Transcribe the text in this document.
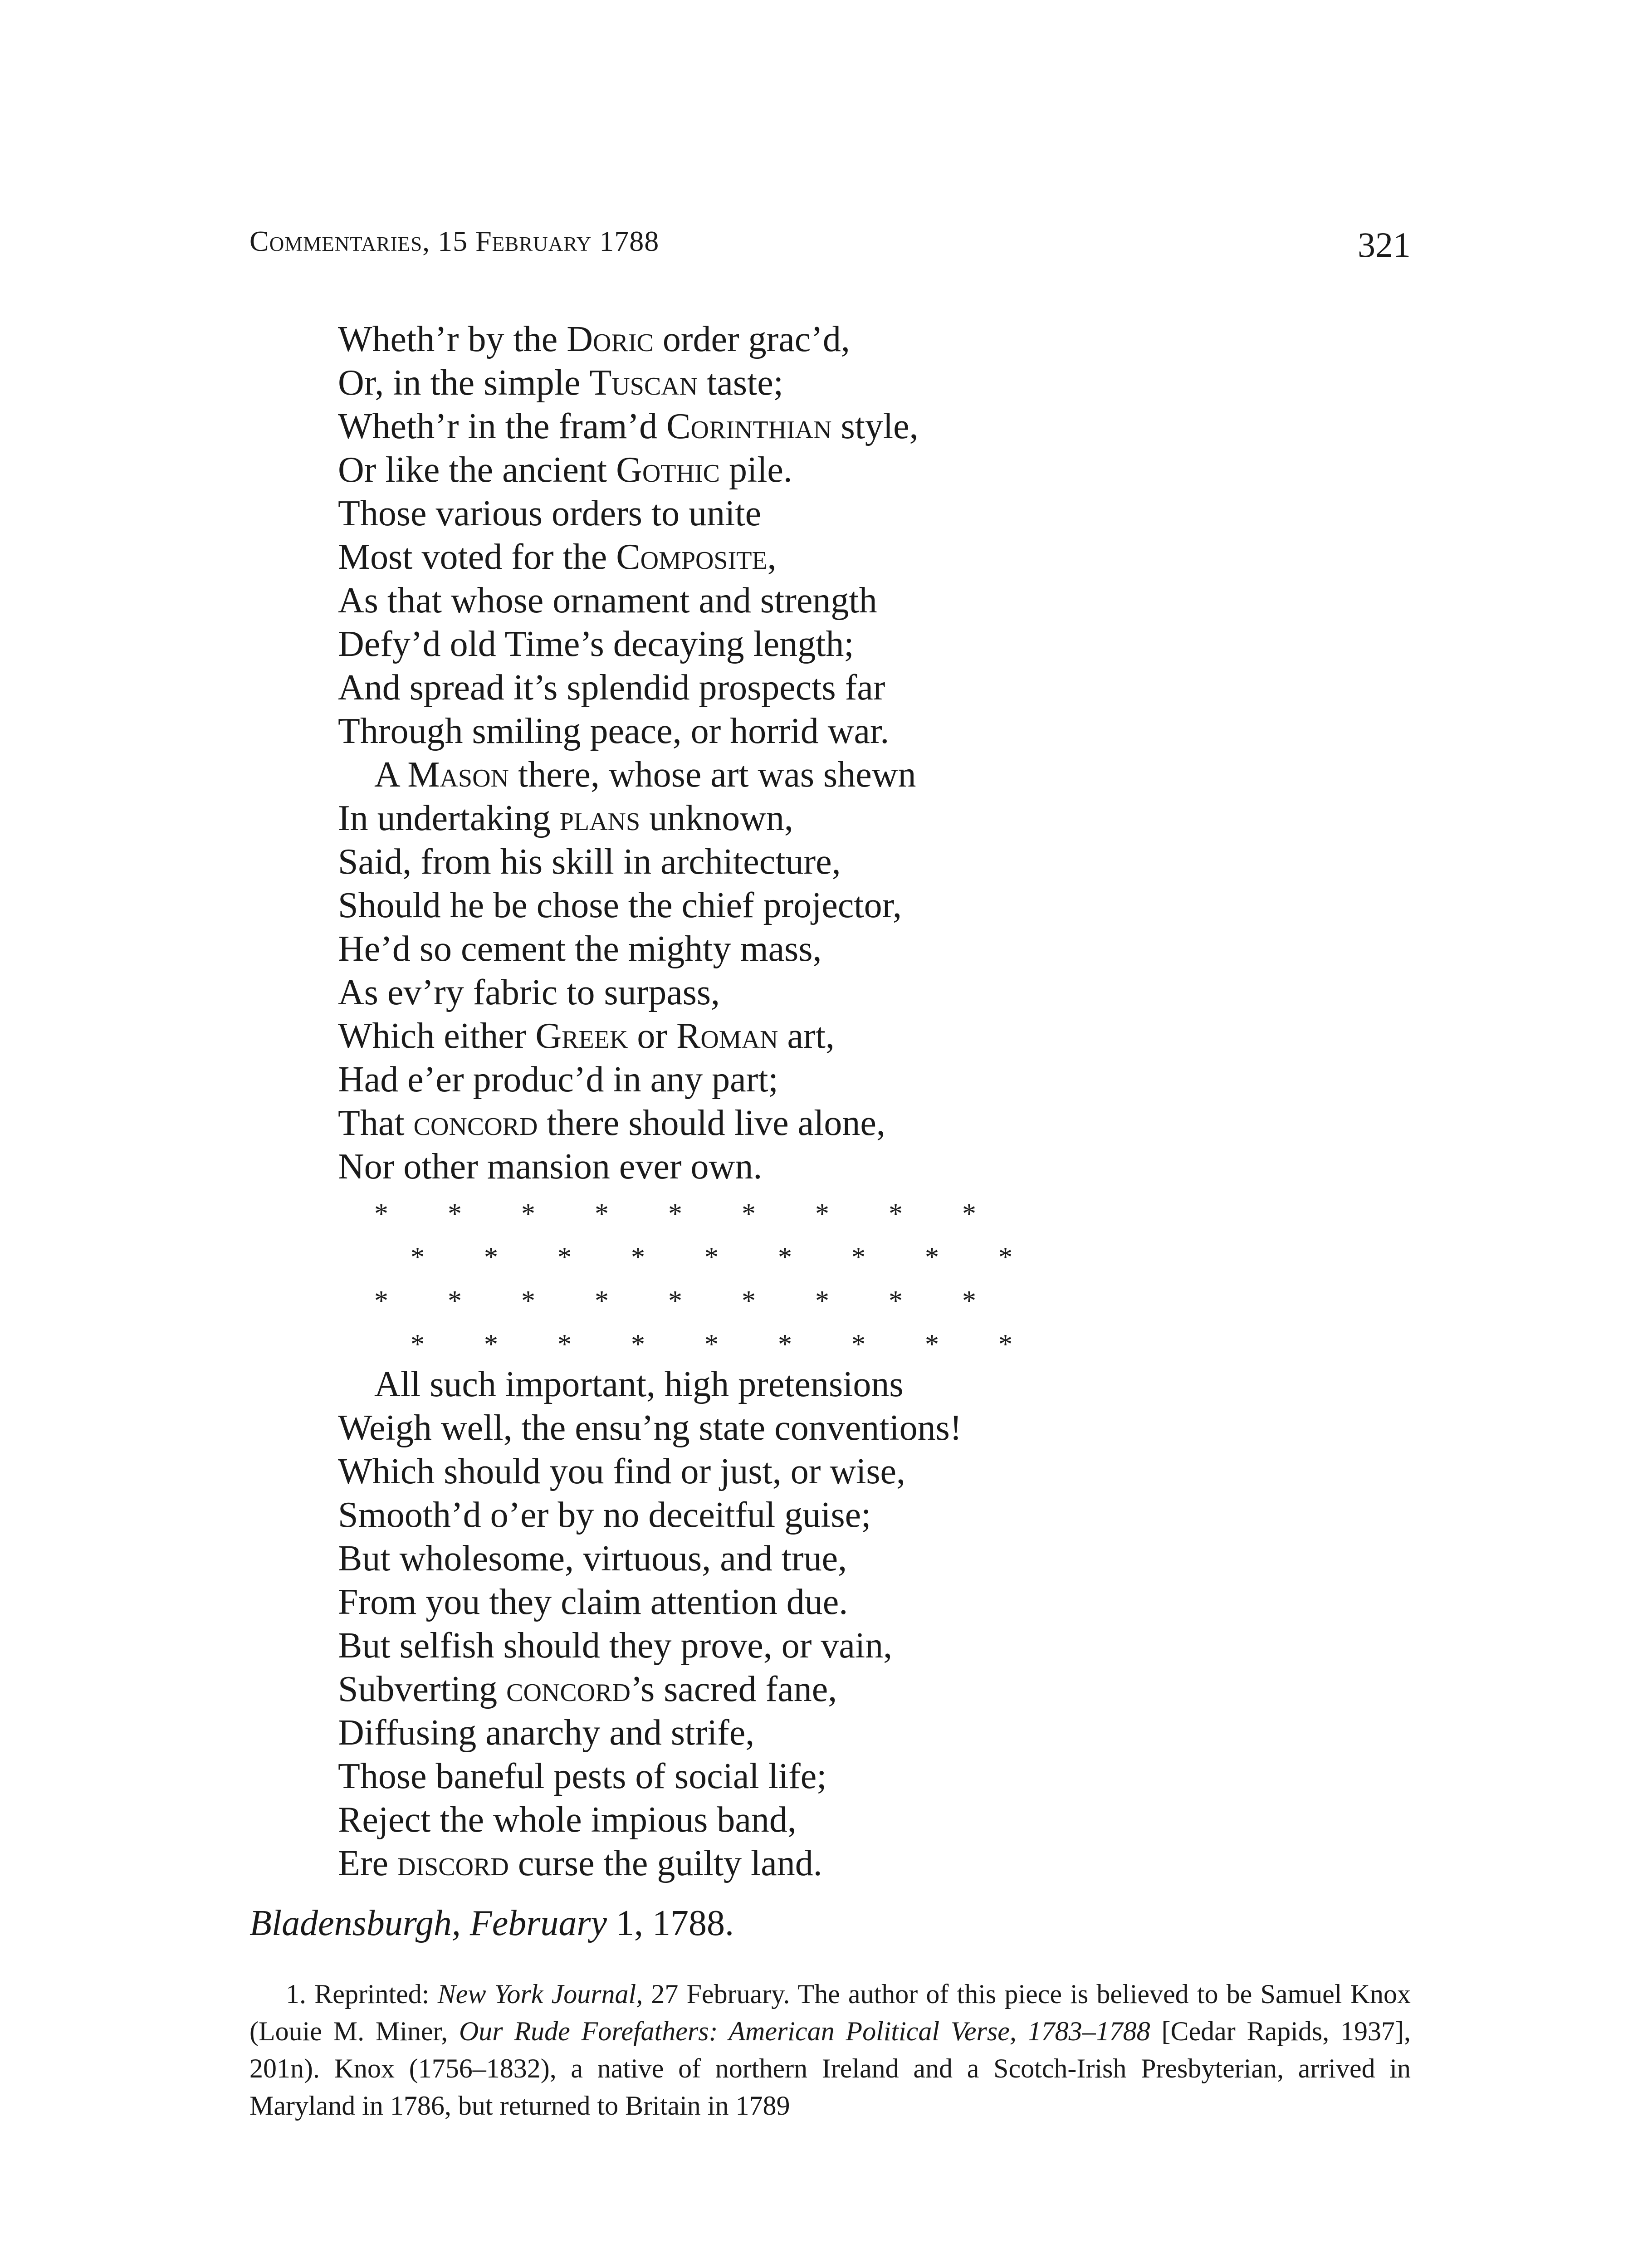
Commentaries, 15 February 1788	321
Wheth’r by the Doric order grac’d,
Or, in the simple Tuscan taste;
Wheth’r in the fram’d Corinthian style,
Or like the ancient Gothic pile.
Those various orders to unite
Most voted for the Composite,
As that whose ornament and strength
Defy’d old Time’s decaying length;
And spread it’s splendid prospects far
Through smiling peace, or horrid war.
A Mason there, whose art was shewn
In undertaking plans unknown,
Said, from his skill in architecture,
Should he be chose the chief projector,
He’d so cement the mighty mass,
As ev’ry fabric to surpass,
Which either Greek or Roman art,
Had e’er produc’d in any part;
That concord there should live alone,
Nor other mansion ever own.
* * * * * * * * *
* * * * * * * * *
* * * * * * * * *
* * * * * * * * *
All such important, high pretensions
Weigh well, the ensu’ng state conventions!
Which should you find or just, or wise,
Smooth’d o’er by no deceitful guise;
But wholesome, virtuous, and true,
From you they claim attention due.
But selfish should they prove, or vain,
Subverting concord’s sacred fane,
Diffusing anarchy and strife,
Those baneful pests of social life;
Reject the whole impious band,
Ere discord curse the guilty land.
Bladensburgh, February 1, 1788.
1. Reprinted: New York Journal, 27 February. The author of this piece is believed to be Samuel Knox (Louie M. Miner, Our Rude Forefathers: American Political Verse, 1783–1788 [Cedar Rapids, 1937], 201n). Knox (1756–1832), a native of northern Ireland and a Scotch-Irish Presbyterian, arrived in Maryland in 1786, but returned to Britain in 1789
